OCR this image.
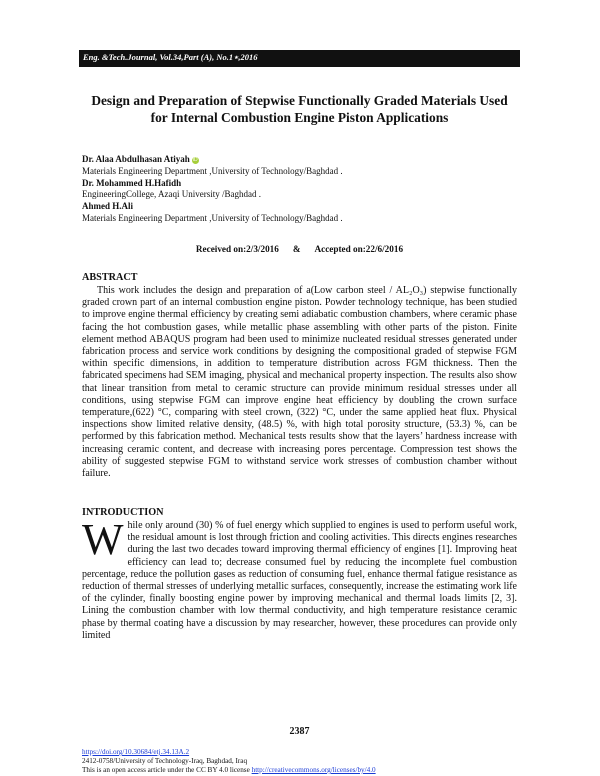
Eng. &Tech.Journal, Vol.34,Part (A), No.1⋆,2016
Design and Preparation of Stepwise Functionally Graded Materials Used
for Internal Combustion Engine Piston Applications
Dr. Alaa Abdulhasan Atiyah iD
Materials Engineering Department ,University of Technology/Baghdad .
Dr. Mohammed H.Hafidh
EngineeringCollege, Azaqi University /Baghdad .
Ahmed H.Ali
Materials Engineering Department ,University of Technology/Baghdad .
Received on:2/3/2016 & Accepted on:22/6/2016
ABSTRACT

This work includes the design and preparation of a(Low carbon steel / AL₂O₃) stepwise functionally graded crown part of an internal combustion engine piston. Powder technology technique, has been studied to improve engine thermal efficiency by creating semi adiabatic combustion chambers, where ceramic phase facing the hot combustion gases, while metallic phase assembling with other parts of the piston. Finite element method ABAQUS program had been used to minimize nucleated residual stresses generated under fabrication process and service work conditions by designing the compositional graded of stepwise FGM within specific dimensions, in addition to temperature distribution across FGM thickness. Then the fabricated specimens had SEM imaging, physical and mechanical property inspection. The results also show that linear transition from metal to ceramic structure can provide minimum residual stresses under all conditions, using stepwise FGM can improve engine heat efficiency by doubling the crown surface temperature,(622) °C, comparing with steel crown, (322) °C, under the same applied heat flux. Physical inspections show limited relative density, (48.5) %, with high total porosity structure, (53.3) %, can be performed by this fabrication method. Mechanical tests results show that the layers’ hardness increase with increasing ceramic content, and decrease with increasing pores percentage. Compression test shows the ability of suggested stepwise FGM to withstand service work stresses of combustion chamber without failure.

INTRODUCTION

While only around (30) % of fuel energy which supplied to engines is used to perform useful work, the residual amount is lost through friction and cooling activities. This directs engines researches during the last two decades toward improving thermal efficiency of engines [1]. Improving heat efficiency can lead to; decrease consumed fuel by reducing the incomplete fuel combustion percentage, reduce the pollution gases as reduction of consuming fuel, enhance thermal fatigue resistance as reduction of thermal stresses of underlying metallic surfaces, consequently, increase the estimating work life of the cylinder, finally boosting engine power by improving mechanical and thermal loads limits [2, 3]. Lining the combustion chamber with low thermal conductivity, and high temperature resistance ceramic phase by thermal coating have a discussion by may researcher, however, these procedures can provide only limited

2387
https://doi.org/10.30684/etj.34.13A.2
2412-0758/University of Technology-Iraq, Baghdad, Iraq
This is an open access article under the CC BY 4.0 license http://creativecommons.org/licenses/by/4.0
